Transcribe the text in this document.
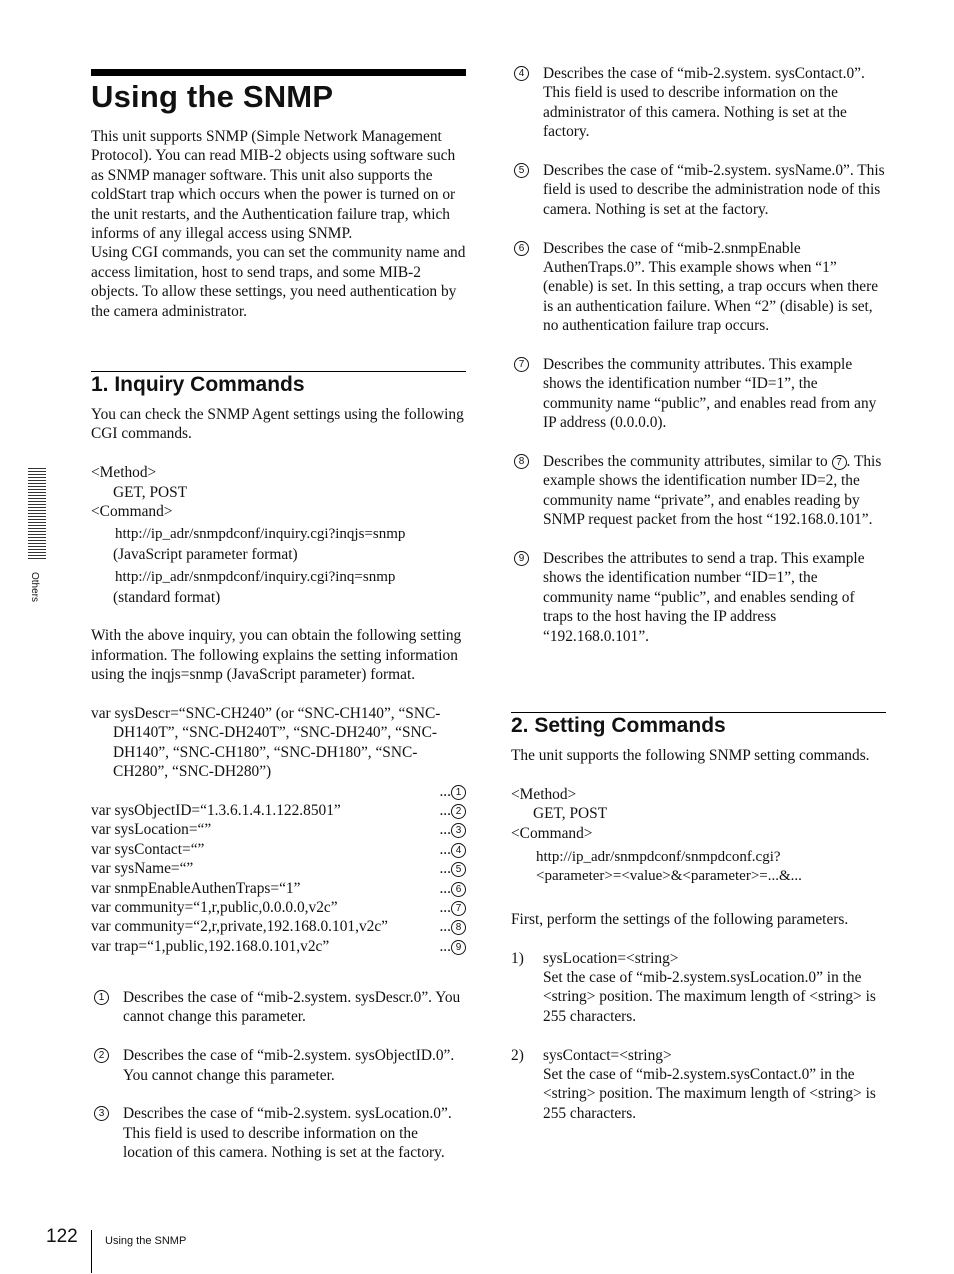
Using the SNMP

This unit supports SNMP (Simple Network Management Protocol). You can read MIB-2 objects using software such as SNMP manager software. This unit also supports the coldStart trap which occurs when the power is turned on or the unit restarts, and the Authentication failure trap, which informs of any illegal access using SNMP.

Using CGI commands, you can set the community name and access limitation, host to send traps, and some MIB-2 objects. To allow these settings, you need authentication by the camera administrator.

1. Inquiry Commands

You can check the SNMP Agent settings using the following CGI commands.

<Method>
GET, POST
<Command>
http://ip_adr/snmpdconf/inquiry.cgi?inqjs=snmp
(JavaScript parameter format)
http://ip_adr/snmpdconf/inquiry.cgi?inq=snmp
(standard format)

With the above inquiry, you can obtain the following setting information. The following explains the setting information using the inqjs=snmp (JavaScript parameter) format.

var sysDescr=“SNC-CH240” (or “SNC-CH140”, “SNC-DH140T”, “SNC-DH240T”, “SNC-DH240”, “SNC-DH140”, “SNC-CH180”, “SNC-DH180”, “SNC-CH280”, “SNC-DH280”)
... 1
var sysObjectID=“1.3.6.1.4.1.122.8501”	... 2
var sysLocation=“”	... 3
var sysContact=“”	... 4
var sysName=“”	... 5
var snmpEnableAuthenTraps=“1”	... 6
var community=“1,r,public,0.0.0.0,v2c”	... 7
var community=“2,r,private,192.168.0.101,v2c”	... 8
var trap=“1,public,192.168.0.101,v2c”	... 9
1	Describes the case of “mib-2.system. sysDescr.0”. You cannot change this parameter.
2	Describes the case of “mib-2.system. sysObjectID.0”. You cannot change this parameter.
3	Describes the case of “mib-2.system. sysLocation.0”. This field is used to describe information on the location of this camera. Nothing is set at the factory.
4	Describes the case of “mib-2.system. sysContact.0”. This field is used to describe information on the administrator of this camera. Nothing is set at the factory.
5	Describes the case of “mib-2.system. sysName.0”. This field is used to describe the administration node of this camera. Nothing is set at the factory.
6	Describes the case of “mib-2.snmpEnable AuthenTraps.0”. This example shows when “1” (enable) is set. In this setting, a trap occurs when there is an authentication failure. When “2” (disable) is set, no authentication failure trap occurs.
7	Describes the community attributes. This example shows the identification number “ID=1”, the community name “public”, and enables read from any IP address (0.0.0.0).
8	Describes the community attributes, similar to 7 . This example shows the identification number ID=2, the community name “private”, and enables reading by SNMP request packet from the host “192.168.0.101”.
9	Describes the attributes to send a trap. This example shows the identification number “ID=1”, the community name “public”, and enables sending of traps to the host having the IP address “192.168.0.101”.
2. Setting Commands

The unit supports the following SNMP setting commands.

<Method>
GET, POST
<Command>
http://ip_adr/snmpdconf/snmpdconf.cgi?
<parameter>=<value>&<parameter>=...&...

First, perform the settings of the following parameters.

1) sysLocation=<string>
Set the case of “mib-2.system.sysLocation.0” in the <string> position. The maximum length of <string> is 255 characters.
2) sysContact=<string>
Set the case of “mib-2.system.sysContact.0” in the <string> position. The maximum length of <string> is 255 characters.
Others
122 Using the SNMP
